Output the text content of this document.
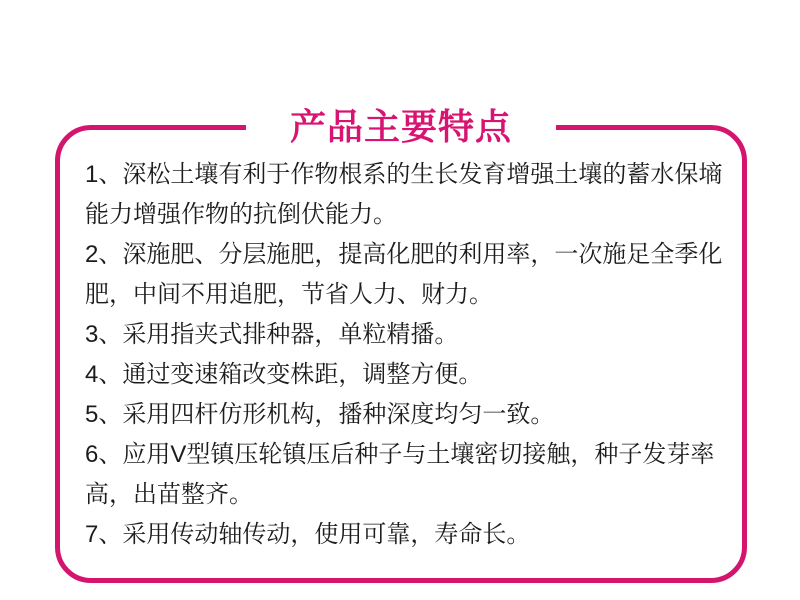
产品主要特点

1、深松土壤有利于作物根系的生长发育增强土壤的蓄水保墒能力增强作物的抗倒伏能力。

2、深施肥、分层施肥，提高化肥的利用率，一次施足全季化肥，中间不用追肥，节省人力、财力。

3、采用指夹式排种器，单粒精播。

4、通过变速箱改变株距，调整方便。

5、采用四杆仿形机构，播种深度均匀一致。

6、应用V型镇压轮镇压后种子与土壤密切接触，种子发芽率高，出苗整齐。

7、采用传动轴传动，使用可靠，寿命长。
